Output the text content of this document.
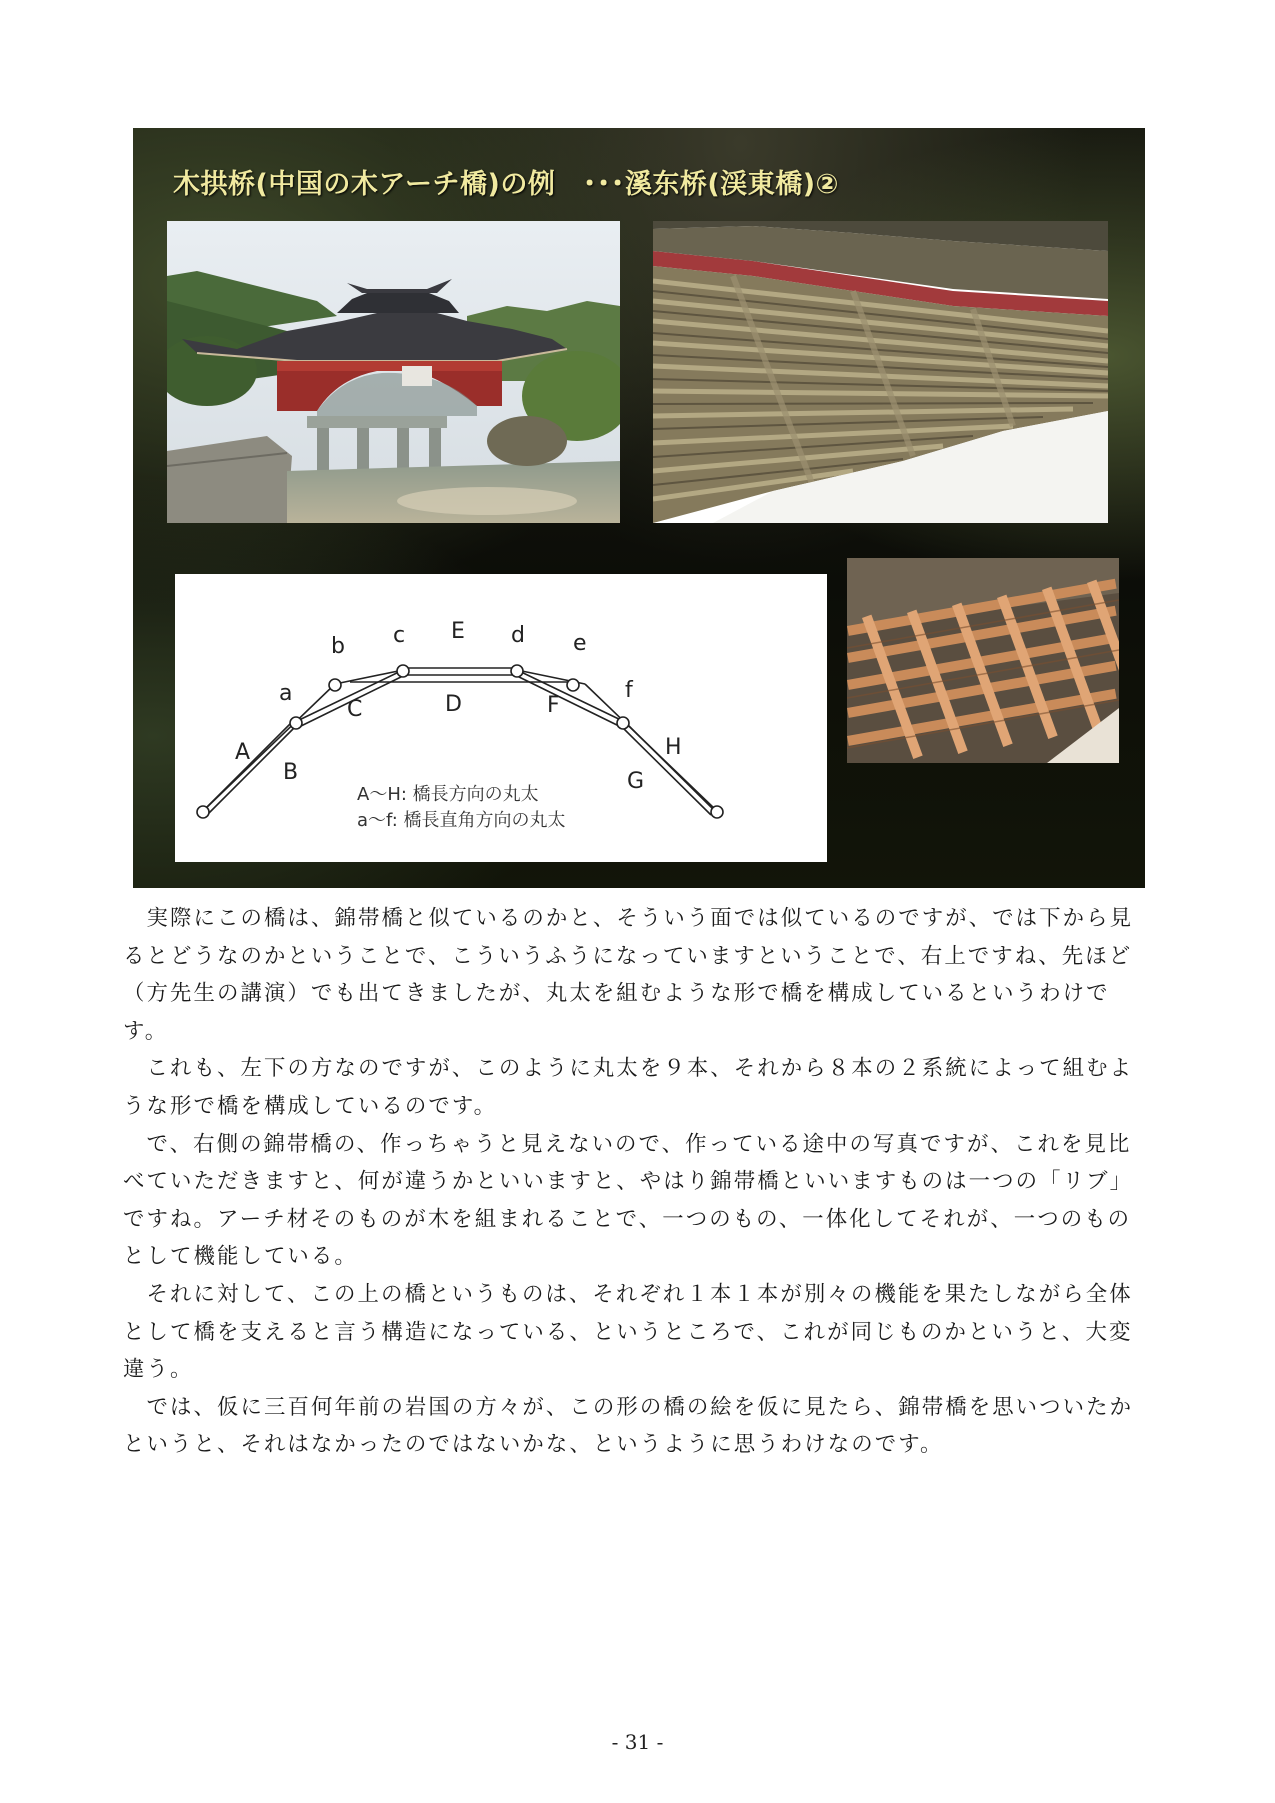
木拱桥(中国の木アーチ橋)の例　･･･溪东桥(渓東橋)②
a
b c	d e
f
A
B
C	D
E
F
G
H
A～H: 橋長方向の丸太
a～f: 橋長直角方向の丸太

実際にこの橋は、錦帯橋と似ているのかと、そういう面では似ているのですが、では下から見るとどうなのかということで、こういうふうになっていますということで、右上ですね、先ほど（方先生の講演）でも出てきましたが、丸太を組むような形で橋を構成しているというわけです。

これも、左下の方なのですが、このように丸太を９本、それから８本の２系統によって組むような形で橋を構成しているのです。

で、右側の錦帯橋の、作っちゃうと見えないので、作っている途中の写真ですが、これを見比べていただきますと、何が違うかといいますと、やはり錦帯橋といいますものは一つの「リブ」ですね。アーチ材そのものが木を組まれることで、一つのもの、一体化してそれが、一つのものとして機能している。

それに対して、この上の橋というものは、それぞれ１本１本が別々の機能を果たしながら全体として橋を支えると言う構造になっている、というところで、これが同じものかというと、大変違う。

では、仮に三百何年前の岩国の方々が、この形の橋の絵を仮に見たら、錦帯橋を思いついたかというと、それはなかったのではないかな、というように思うわけなのです。

- 31 -
